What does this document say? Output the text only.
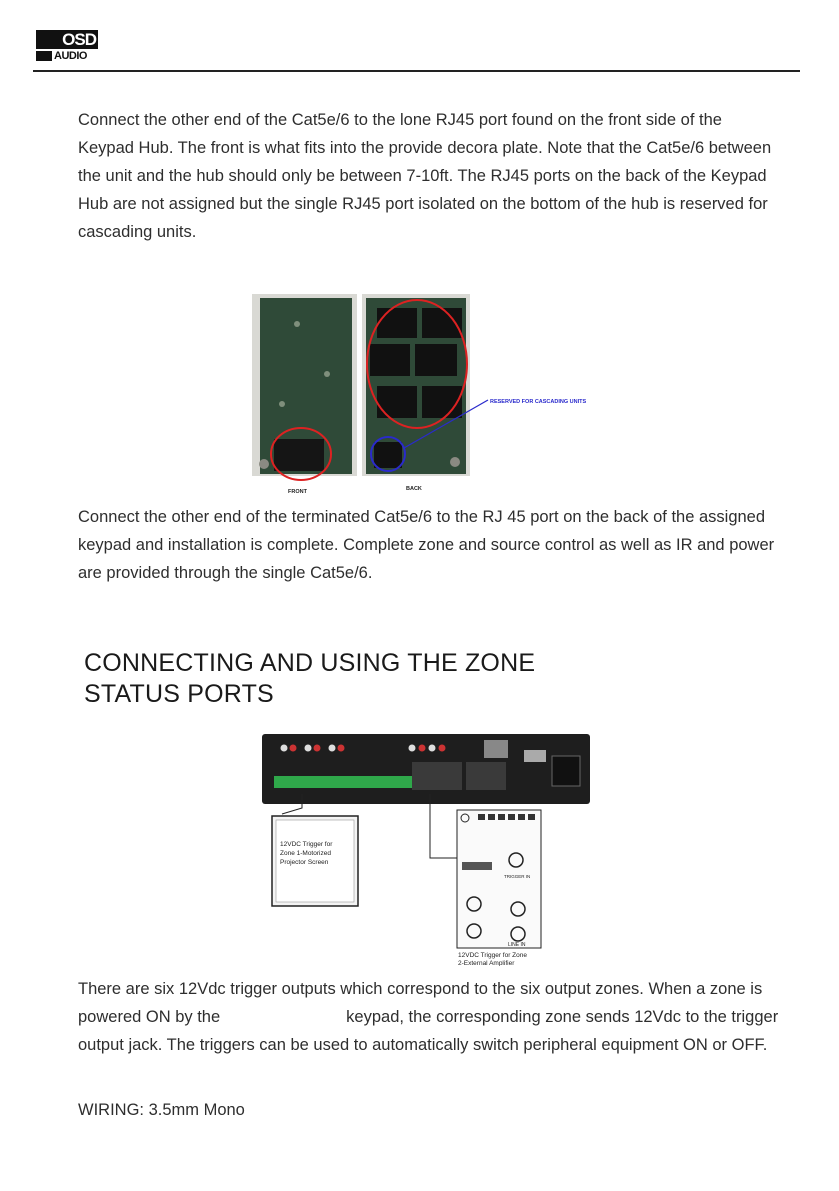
OSD
AUDIO

Connect the other end of the Cat5e/6 to the lone RJ45 port found on the front side of the Keypad Hub. The front is what fits into the provide decora plate. Note that the Cat5e/6 between the unit and the hub should only be between 7-10ft. The RJ45 ports on the back of the Keypad Hub are not assigned but the single RJ45 port isolated on the bottom of the hub is reserved for cascading units.

RESERVED FOR CASCADING UNITS
FRONT	BACK

Connect the other end of the terminated Cat5e/6 to the RJ 45 port on the back of the assigned keypad and installation is complete. Complete zone and source control as well as IR and power are provided through the single Cat5e/6.

CONNECTING AND USING THE ZONE
STATUS PORTS
12VDC Trigger for
Zone 1-Motorized
Projector Screen
TRIGGER IN
LINE IN
12VDC Trigger for Zone
2-External Amplifier

There are six 12Vdc trigger outputs which correspond to the six output zones. When a zone is powered ON by the	keypad, the corresponding zone sends 12Vdc to the trigger output jack. The triggers can be used to automatically switch peripheral equipment ON or OFF.

WIRING: 3.5mm Mono
